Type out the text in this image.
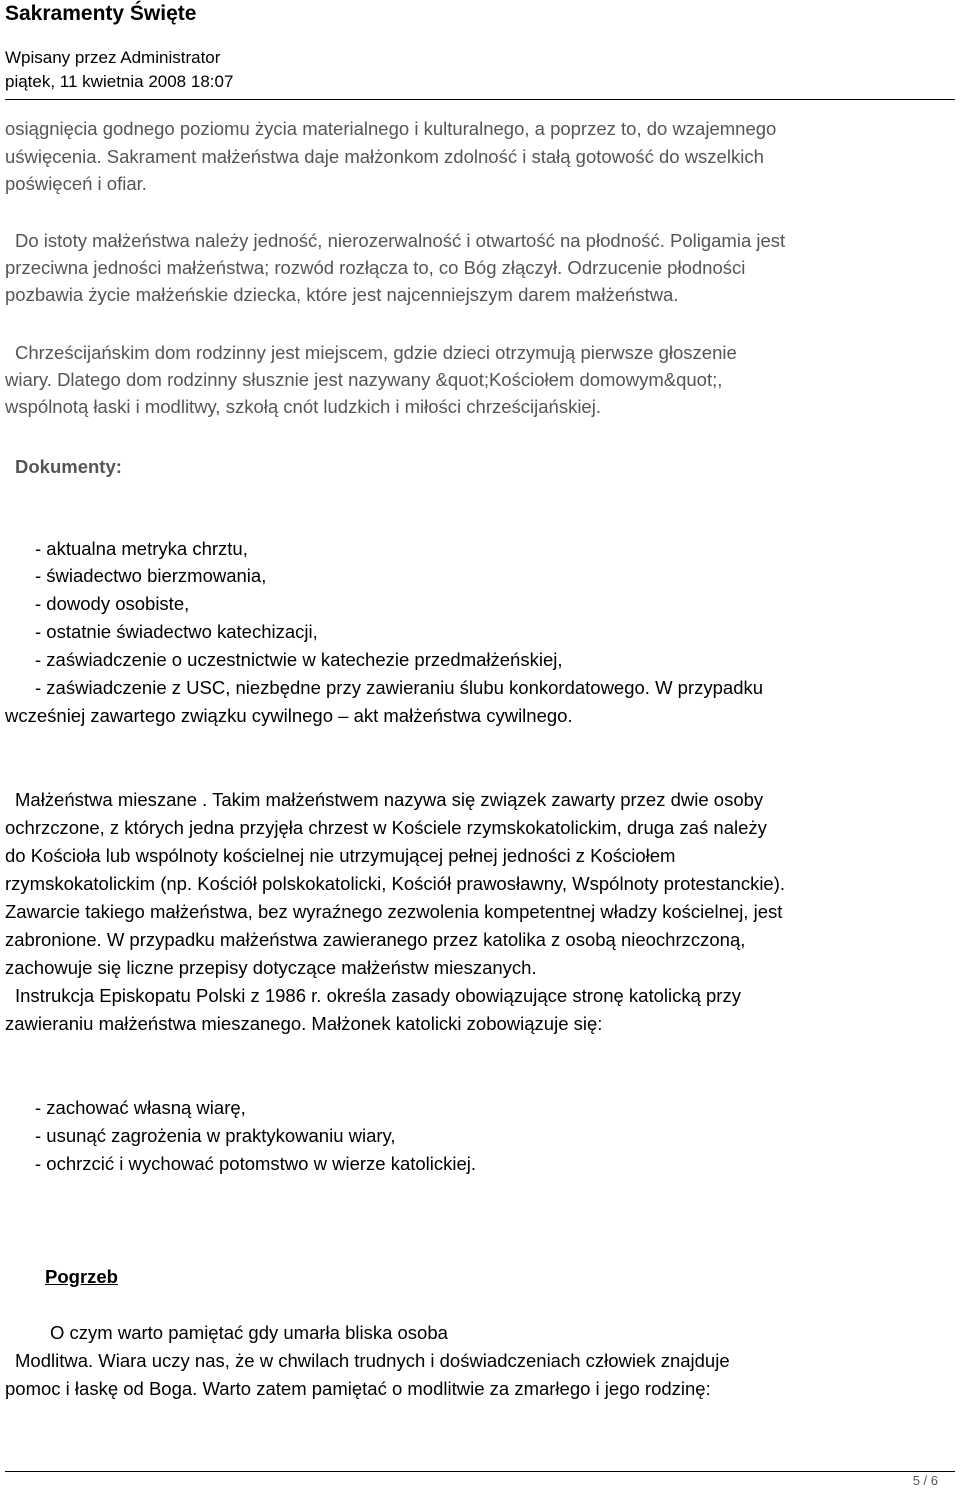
Sakramenty Święte
Wpisany przez Administrator
piątek, 11 kwietnia 2008 18:07
osiągnięcia godnego poziomu życia materialnego i kulturalnego, a poprzez to, do wzajemnego
uświęcenia. Sakrament małżeństwa daje małżonkom zdolność i stałą gotowość do wszelkich
poświęceń i ofiar.
Do istoty małżeństwa należy jedność, nierozerwalność i otwartość na płodność. Poligamia jest
przeciwna jedności małżeństwa; rozwód rozłącza to, co Bóg złączył. Odrzucenie płodności
pozbawia życie małżeńskie dziecka, które jest najcenniejszym darem małżeństwa.
Chrześcijańskim dom rodzinny jest miejscem, gdzie dzieci otrzymują pierwsze głoszenie
wiary. Dlatego dom rodzinny słusznie jest nazywany &quot;Kościołem domowym&quot;,
wspólnotą łaski i modlitwy, szkołą cnót ludzkich i miłości chrześcijańskiej.
Dokumenty:
- aktualna metryka chrztu,
- świadectwo bierzmowania,
- dowody osobiste,
- ostatnie świadectwo katechizacji,
- zaświadczenie o uczestnictwie w katechezie przedmałżeńskiej,
- zaświadczenie z USC, niezbędne przy zawieraniu ślubu konkordatowego. W przypadku
wcześniej zawartego związku cywilnego – akt małżeństwa cywilnego.
Małżeństwa mieszane . Takim małżeństwem nazywa się związek zawarty przez dwie osoby
ochrzczone, z których jedna przyjęła chrzest w Kościele rzymskokatolickim, druga zaś należy
do Kościoła lub wspólnoty kościelnej nie utrzymującej pełnej jedności z Kościołem
rzymskokatolickim (np. Kościół polskokatolicki, Kościół prawosławny, Wspólnoty protestanckie).
Zawarcie takiego małżeństwa, bez wyraźnego zezwolenia kompetentnej władzy kościelnej, jest
zabronione. W przypadku małżeństwa zawieranego przez katolika z osobą nieochrzczoną,
zachowuje się liczne przepisy dotyczące małżeństw mieszanych.
Instrukcja Episkopatu Polski z 1986 r. określa zasady obowiązujące stronę katolicką przy
zawieraniu małżeństwa mieszanego. Małżonek katolicki zobowiązuje się:
- zachować własną wiarę,
- usunąć zagrożenia w praktykowaniu wiary,
- ochrzcić i wychować potomstwo w wierze katolickiej.
Pogrzeb
O czym warto pamiętać gdy umarła bliska osoba
Modlitwa. Wiara uczy nas, że w chwilach trudnych i doświadczeniach człowiek znajduje
pomoc i łaskę od Boga. Warto zatem pamiętać o modlitwie za zmarłego i jego rodzinę:
5 / 6
